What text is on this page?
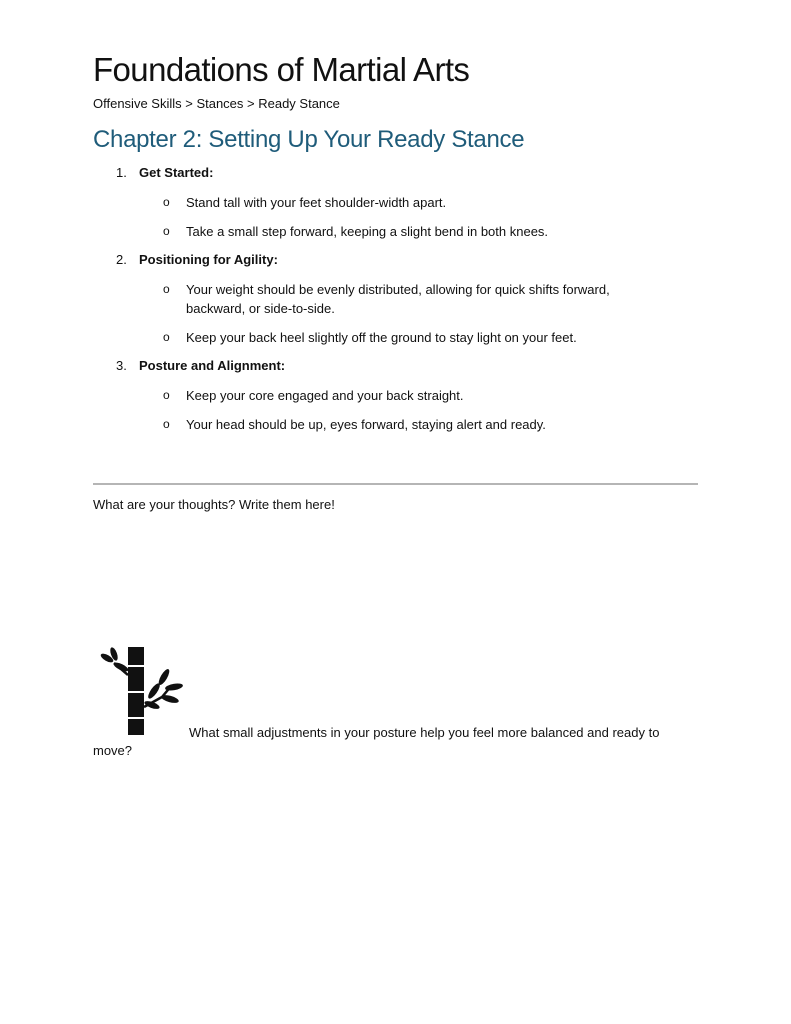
Foundations of Martial Arts
Offensive Skills > Stances > Ready Stance
Chapter 2: Setting Up Your Ready Stance
1. Get Started:
o	Stand tall with your feet shoulder-width apart.
o	Take a small step forward, keeping a slight bend in both knees.
2. Positioning for Agility:
o	Your weight should be evenly distributed, allowing for quick shifts forward, backward, or side-to-side.
o	Keep your back heel slightly off the ground to stay light on your feet.
3. Posture and Alignment:
o	Keep your core engaged and your back straight.
o	Your head should be up, eyes forward, staying alert and ready.
What are your thoughts? Write them here!
What small adjustments in your posture help you feel more balanced and ready to move?
